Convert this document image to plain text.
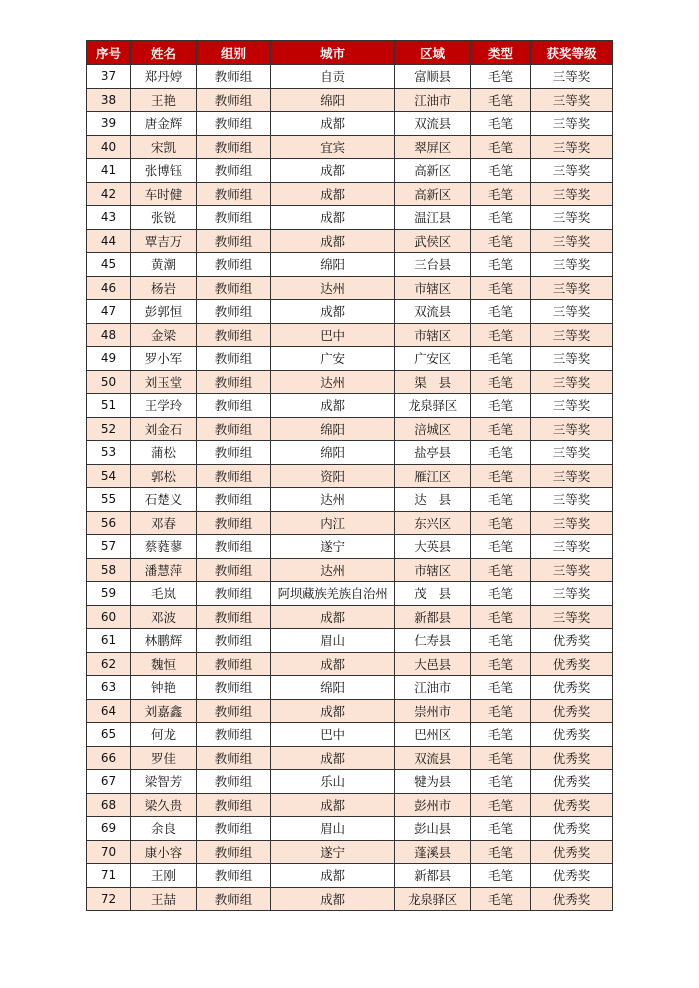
序号	姓名	组别	城市	区域	类型	获奖等级
37	郑丹婷	教师组	自贡	富顺县	毛笔	三等奖
38	王艳	教师组	绵阳	江油市	毛笔	三等奖
39	唐金辉	教师组	成都	双流县	毛笔	三等奖
40	宋凯	教师组	宜宾	翠屏区	毛笔	三等奖
41	张博钰	教师组	成都	高新区	毛笔	三等奖
42	车时健	教师组	成都	高新区	毛笔	三等奖
43	张锐	教师组	成都	温江县	毛笔	三等奖
44	覃吉万	教师组	成都	武侯区	毛笔	三等奖
45	黄潮	教师组	绵阳	三台县	毛笔	三等奖
46	杨岩	教师组	达州	市辖区	毛笔	三等奖
47	彭郭恒	教师组	成都	双流县	毛笔	三等奖
48	金梁	教师组	巴中	市辖区	毛笔	三等奖
49	罗小军	教师组	广安	广安区	毛笔	三等奖
50	刘玉堂	教师组	达州	渠　县	毛笔	三等奖
51	王学玲	教师组	成都	龙泉驿区	毛笔	三等奖
52	刘金石	教师组	绵阳	涪城区	毛笔	三等奖
53	蒲松	教师组	绵阳	盐亭县	毛笔	三等奖
54	郭松	教师组	资阳	雁江区	毛笔	三等奖
55	石楚义	教师组	达州	达　县	毛笔	三等奖
56	邓春	教师组	内江	东兴区	毛笔	三等奖
57	蔡蕤蓼	教师组	遂宁	大英县	毛笔	三等奖
58	潘慧萍	教师组	达州	市辖区	毛笔	三等奖
59	毛岚	教师组	阿坝藏族羌族自治州	茂　县	毛笔	三等奖
60	邓波	教师组	成都	新都县	毛笔	三等奖
61	林鹏辉	教师组	眉山	仁寿县	毛笔	优秀奖
62	魏恒	教师组	成都	大邑县	毛笔	优秀奖
63	钟艳	教师组	绵阳	江油市	毛笔	优秀奖
64	刘嘉鑫	教师组	成都	崇州市	毛笔	优秀奖
65	何龙	教师组	巴中	巴州区	毛笔	优秀奖
66	罗佳	教师组	成都	双流县	毛笔	优秀奖
67	梁智芳	教师组	乐山	犍为县	毛笔	优秀奖
68	梁久贵	教师组	成都	彭州市	毛笔	优秀奖
69	余良	教师组	眉山	彭山县	毛笔	优秀奖
70	康小容	教师组	遂宁	蓬溪县	毛笔	优秀奖
71	王刚	教师组	成都	新都县	毛笔	优秀奖
72	王喆	教师组	成都	龙泉驿区	毛笔	优秀奖
